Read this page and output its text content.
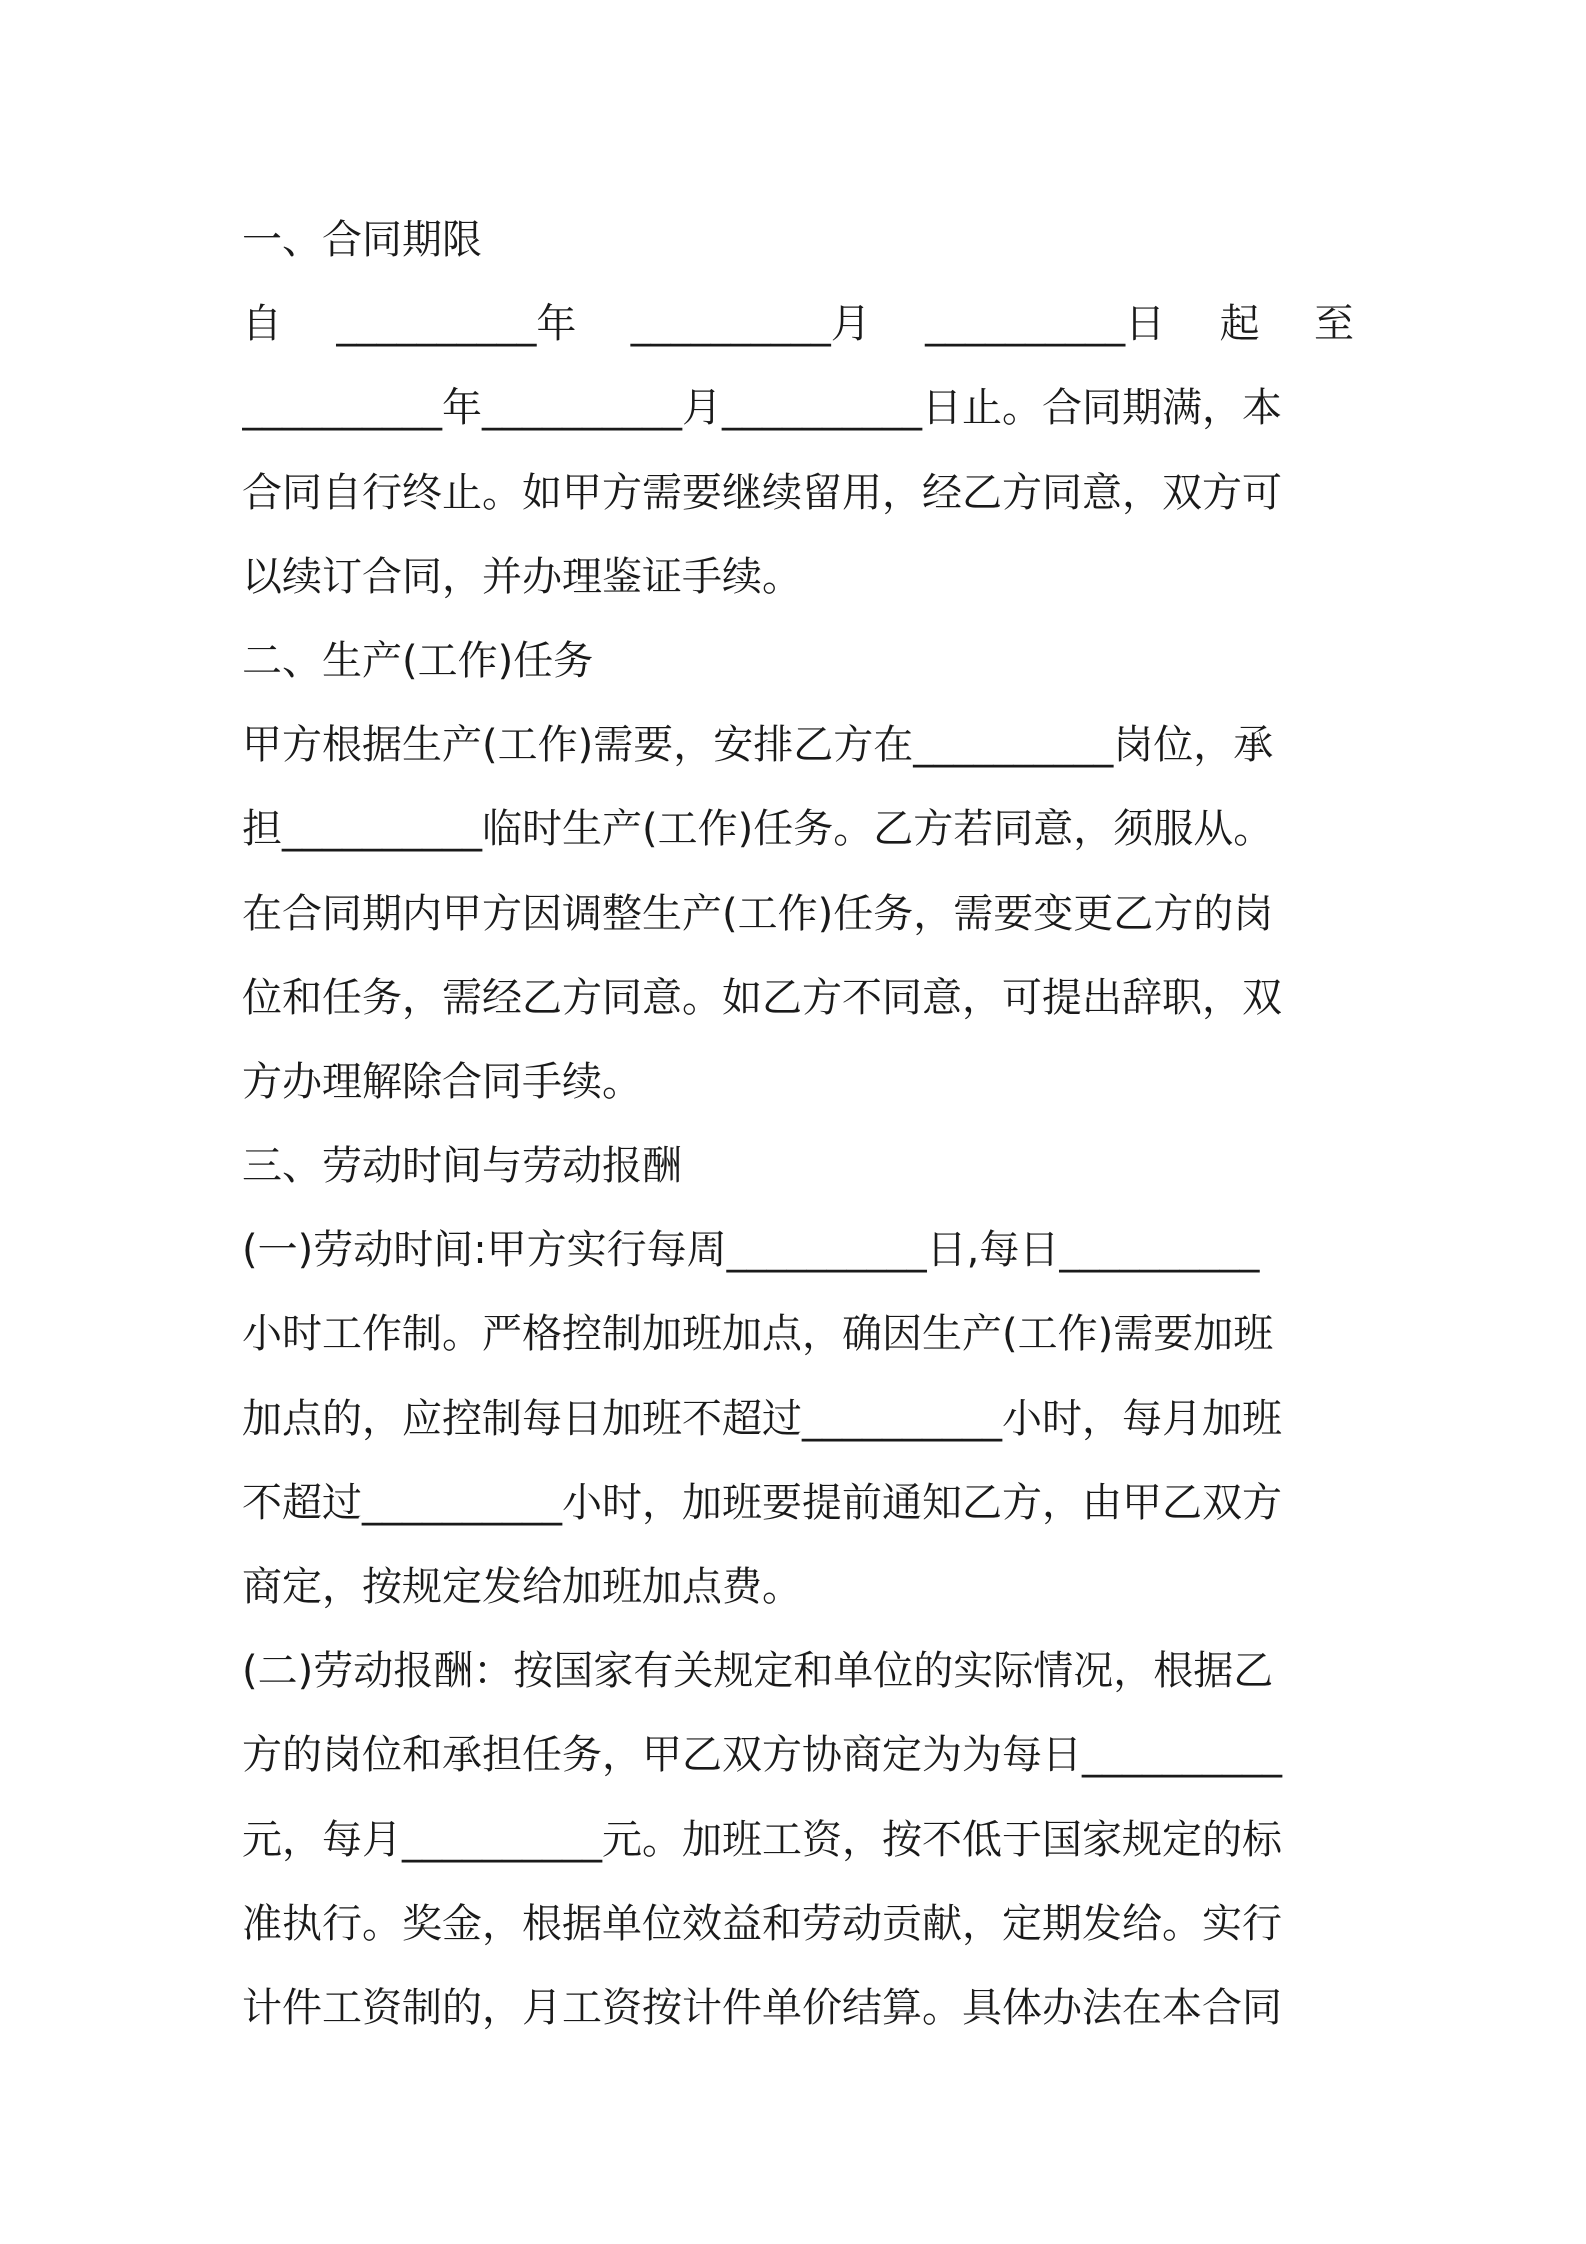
一、合同期限
自 __________年 __________月 __________日 起 至
__________年__________月__________日止。合同期满，本
合同自行终止。如甲方需要继续留用，经乙方同意，双方可
以续订合同，并办理鉴证手续。
二、生产(工作)任务
甲方根据生产(工作)需要，安排乙方在__________岗位，承
担__________临时生产(工作)任务。乙方若同意，须服从。
在合同期内甲方因调整生产(工作)任务，需要变更乙方的岗
位和任务，需经乙方同意。如乙方不同意，可提出辞职，双
方办理解除合同手续。
三、劳动时间与劳动报酬
(一)劳动时间:甲方实行每周__________日,每日__________
小时工作制。严格控制加班加点，确因生产(工作)需要加班
加点的，应控制每日加班不超过__________小时，每月加班
不超过__________小时，加班要提前通知乙方，由甲乙双方
商定，按规定发给加班加点费。
(二)劳动报酬：按国家有关规定和单位的实际情况，根据乙
方的岗位和承担任务，甲乙双方协商定为为每日__________
元，每月__________元。加班工资，按不低于国家规定的标
准执行。奖金，根据单位效益和劳动贡献，定期发给。实行
计件工资制的，月工资按计件单价结算。具体办法在本合同
